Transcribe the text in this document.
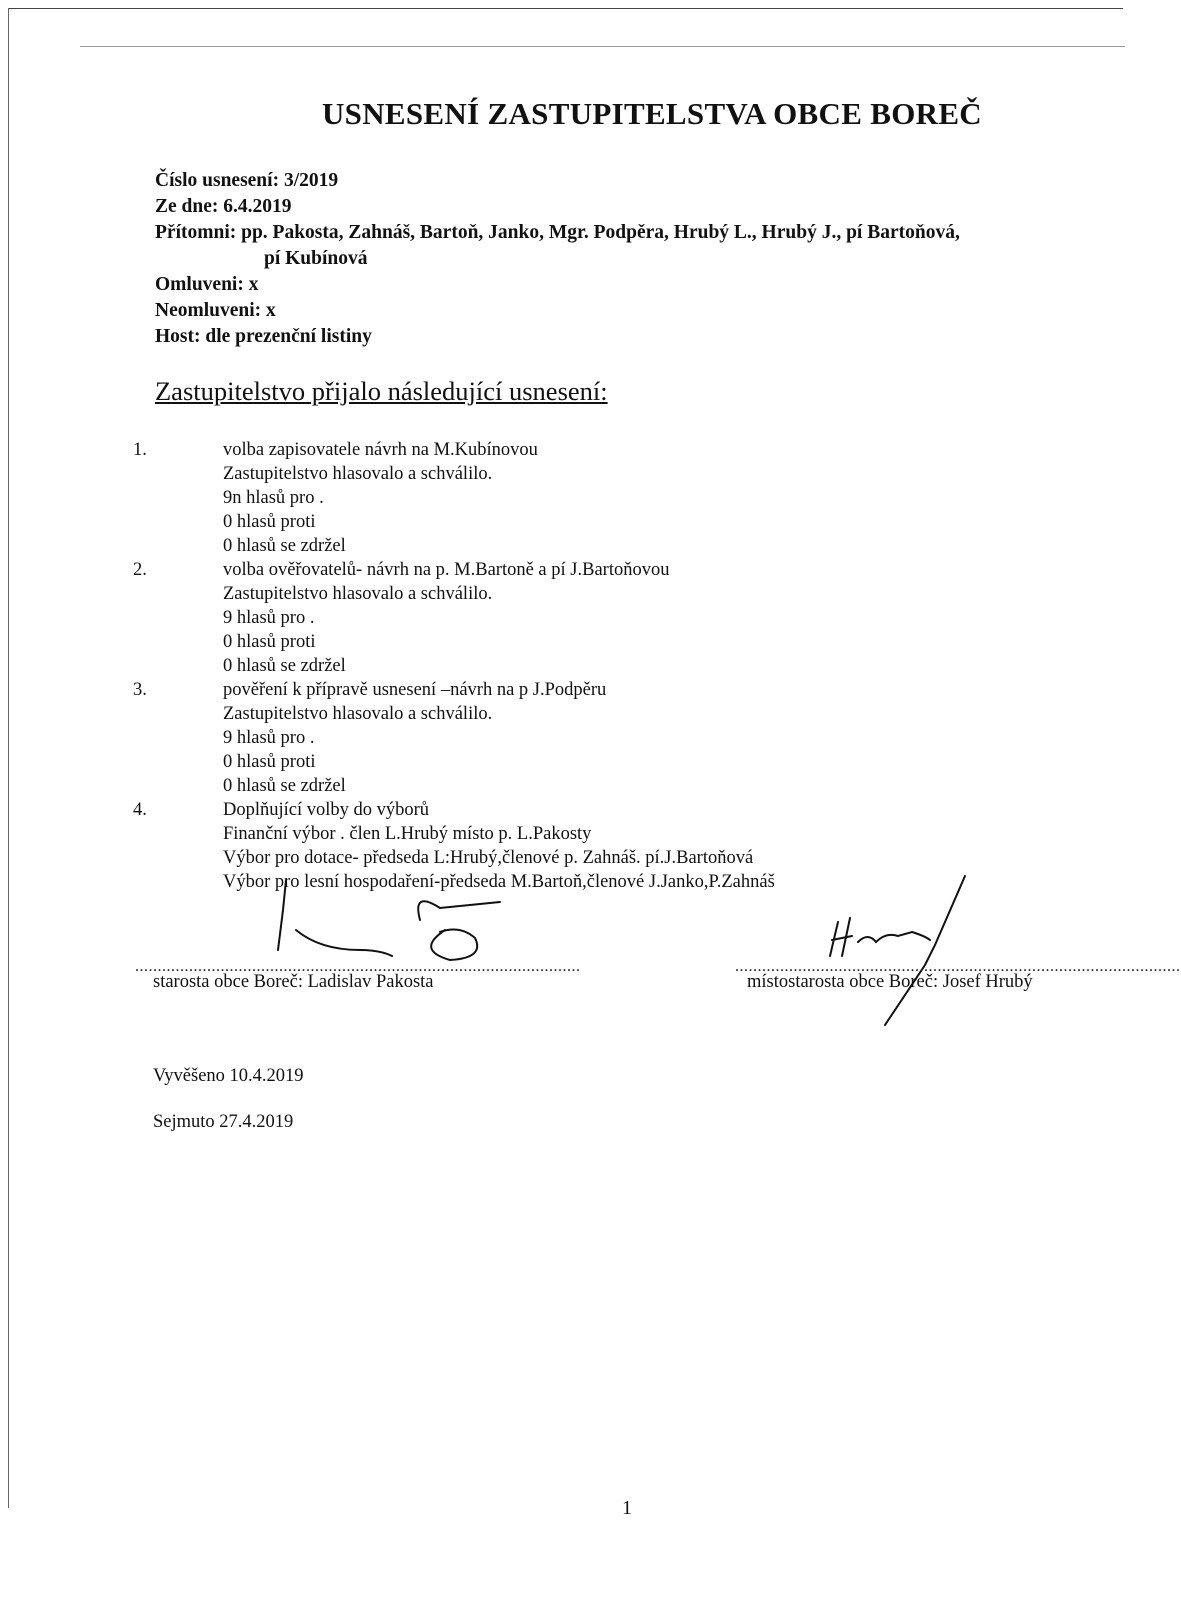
USNESENÍ ZASTUPITELSTVA OBCE BOREČ
Číslo usnesení: 3/2019
Ze dne: 6.4.2019
Přítomni: pp. Pakosta, Zahnáš, Bartoň, Janko, Mgr. Podpěra, Hrubý L., Hrubý J., pí Bartoňová,
pí Kubínová
Omluveni: x
Neomluveni: x
Host: dle prezenční listiny
Zastupitelstvo přijalo následující usnesení:
1.	volba zapisovatele návrh na M.Kubínovou
Zastupitelstvo hlasovalo a schválilo.
9n hlasů pro .
0 hlasů proti
0 hlasů se zdržel
2.	volba ověřovatelů- návrh na p. M.Bartoně a pí J.Bartoňovou
Zastupitelstvo hlasovalo a schválilo.
9 hlasů pro .
0 hlasů proti
0 hlasů se zdržel
3.	pověření k přípravě usnesení –návrh na p J.Podpěru
Zastupitelstvo hlasovalo a schválilo.
9 hlasů pro .
0 hlasů proti
0 hlasů se zdržel
4.	Doplňující volby do výborů
Finanční výbor . člen L.Hrubý místo p. L.Pakosty
Výbor pro dotace- předseda L:Hrubý,členové p. Zahnáš. pí.J.Bartoňová
Výbor pro lesní hospodaření-předseda M.Bartoň,členové J.Janko,P.Zahnáš
...................................................................................................	...................................................................................................
starosta obce Boreč: Ladislav Pakosta	místostarosta obce Boreč: Josef Hrubý
Vyvěšeno 10.4.2019
Sejmuto 27.4.2019
1
